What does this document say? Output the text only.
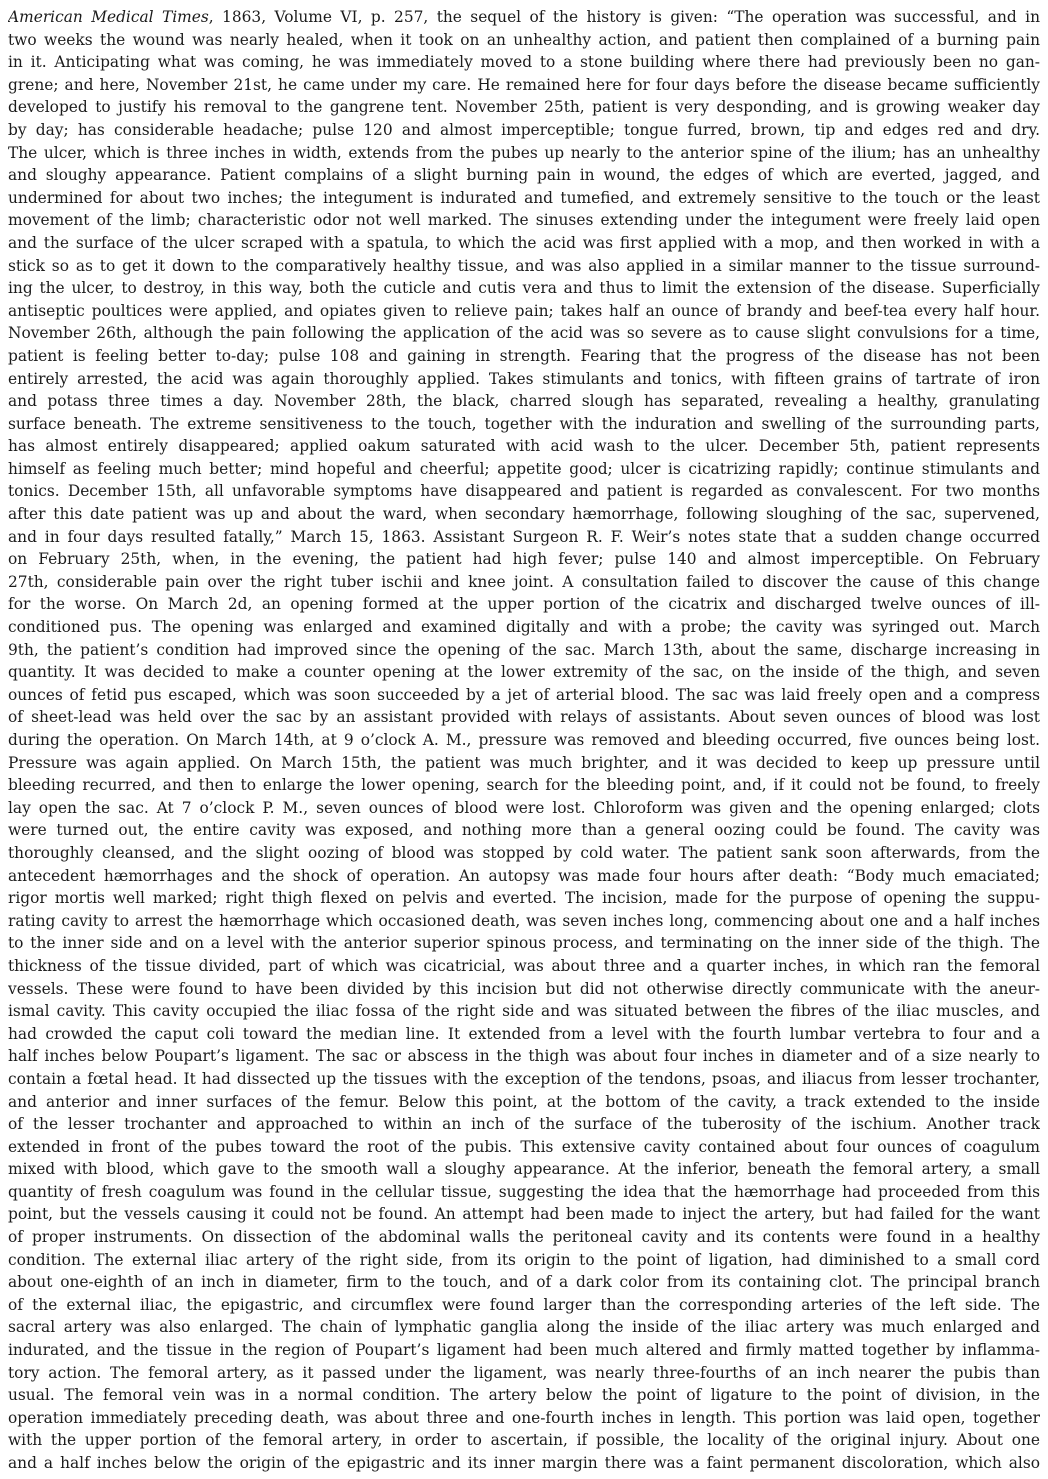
American Medical Times, 1863, Volume VI, p. 257, the sequel of the history is given: “The operation was successful, and in
two weeks the wound was nearly healed, when it took on an unhealthy action, and patient then complained of a burning pain
in it. Anticipating what was coming, he was immediately moved to a stone building where there had previously been no gan-
grene; and here, November 21st, he came under my care. He remained here for four days before the disease became sufficiently
developed to justify his removal to the gangrene tent. November 25th, patient is very desponding, and is growing weaker day
by day; has considerable headache; pulse 120 and almost imperceptible; tongue furred, brown, tip and edges red and dry.
The ulcer, which is three inches in width, extends from the pubes up nearly to the anterior spine of the ilium; has an unhealthy
and sloughy appearance. Patient complains of a slight burning pain in wound, the edges of which are everted, jagged, and
undermined for about two inches; the integument is indurated and tumefied, and extremely sensitive to the touch or the least
movement of the limb; characteristic odor not well marked. The sinuses extending under the integument were freely laid open
and the surface of the ulcer scraped with a spatula, to which the acid was first applied with a mop, and then worked in with a
stick so as to get it down to the comparatively healthy tissue, and was also applied in a similar manner to the tissue surround-
ing the ulcer, to destroy, in this way, both the cuticle and cutis vera and thus to limit the extension of the disease. Superficially
antiseptic poultices were applied, and opiates given to relieve pain; takes half an ounce of brandy and beef-tea every half hour.
November 26th, although the pain following the application of the acid was so severe as to cause slight convulsions for a time,
patient is feeling better to-day; pulse 108 and gaining in strength. Fearing that the progress of the disease has not been
entirely arrested, the acid was again thoroughly applied. Takes stimulants and tonics, with fifteen grains of tartrate of iron
and potass three times a day. November 28th, the black, charred slough has separated, revealing a healthy, granulating
surface beneath. The extreme sensitiveness to the touch, together with the induration and swelling of the surrounding parts,
has almost entirely disappeared; applied oakum saturated with acid wash to the ulcer. December 5th, patient represents
himself as feeling much better; mind hopeful and cheerful; appetite good; ulcer is cicatrizing rapidly; continue stimulants and
tonics. December 15th, all unfavorable symptoms have disappeared and patient is regarded as convalescent. For two months
after this date patient was up and about the ward, when secondary hæmorrhage, following sloughing of the sac, supervened,
and in four days resulted fatally,” March 15, 1863. Assistant Surgeon R. F. Weir’s notes state that a sudden change occurred
on February 25th, when, in the evening, the patient had high fever; pulse 140 and almost imperceptible. On February
27th, considerable pain over the right tuber ischii and knee joint. A consultation failed to discover the cause of this change
for the worse. On March 2d, an opening formed at the upper portion of the cicatrix and discharged twelve ounces of ill-
conditioned pus. The opening was enlarged and examined digitally and with a probe; the cavity was syringed out. March
9th, the patient’s condition had improved since the opening of the sac. March 13th, about the same, discharge increasing in
quantity. It was decided to make a counter opening at the lower extremity of the sac, on the inside of the thigh, and seven
ounces of fetid pus escaped, which was soon succeeded by a jet of arterial blood. The sac was laid freely open and a compress
of sheet-lead was held over the sac by an assistant provided with relays of assistants. About seven ounces of blood was lost
during the operation. On March 14th, at 9 o’clock A. M., pressure was removed and bleeding occurred, five ounces being lost.
Pressure was again applied. On March 15th, the patient was much brighter, and it was decided to keep up pressure until
bleeding recurred, and then to enlarge the lower opening, search for the bleeding point, and, if it could not be found, to freely
lay open the sac. At 7 o’clock P. M., seven ounces of blood were lost. Chloroform was given and the opening enlarged; clots
were turned out, the entire cavity was exposed, and nothing more than a general oozing could be found. The cavity was
thoroughly cleansed, and the slight oozing of blood was stopped by cold water. The patient sank soon afterwards, from the
antecedent hæmorrhages and the shock of operation. An autopsy was made four hours after death: “Body much emaciated;
rigor mortis well marked; right thigh flexed on pelvis and everted. The incision, made for the purpose of opening the suppu-
rating cavity to arrest the hæmorrhage which occasioned death, was seven inches long, commencing about one and a half inches
to the inner side and on a level with the anterior superior spinous process, and terminating on the inner side of the thigh. The
thickness of the tissue divided, part of which was cicatricial, was about three and a quarter inches, in which ran the femoral
vessels. These were found to have been divided by this incision but did not otherwise directly communicate with the aneur-
ismal cavity. This cavity occupied the iliac fossa of the right side and was situated between the fibres of the iliac muscles, and
had crowded the caput coli toward the median line. It extended from a level with the fourth lumbar vertebra to four and a
half inches below Poupart’s ligament. The sac or abscess in the thigh was about four inches in diameter and of a size nearly to
contain a fœtal head. It had dissected up the tissues with the exception of the tendons, psoas, and iliacus from lesser trochanter,
and anterior and inner surfaces of the femur. Below this point, at the bottom of the cavity, a track extended to the inside
of the lesser trochanter and approached to within an inch of the surface of the tuberosity of the ischium. Another track
extended in front of the pubes toward the root of the pubis. This extensive cavity contained about four ounces of coagulum
mixed with blood, which gave to the smooth wall a sloughy appearance. At the inferior, beneath the femoral artery, a small
quantity of fresh coagulum was found in the cellular tissue, suggesting the idea that the hæmorrhage had proceeded from this
point, but the vessels causing it could not be found. An attempt had been made to inject the artery, but had failed for the want
of proper instruments. On dissection of the abdominal walls the peritoneal cavity and its contents were found in a healthy
condition. The external iliac artery of the right side, from its origin to the point of ligation, had diminished to a small cord
about one-eighth of an inch in diameter, firm to the touch, and of a dark color from its containing clot. The principal branch
of the external iliac, the epigastric, and circumflex were found larger than the corresponding arteries of the left side. The
sacral artery was also enlarged. The chain of lymphatic ganglia along the inside of the iliac artery was much enlarged and
indurated, and the tissue in the region of Poupart’s ligament had been much altered and firmly matted together by inflamma-
tory action. The femoral artery, as it passed under the ligament, was nearly three-fourths of an inch nearer the pubis than
usual. The femoral vein was in a normal condition. The artery below the point of ligature to the point of division, in the
operation immediately preceding death, was about three and one-fourth inches in length. This portion was laid open, together
with the upper portion of the femoral artery, in order to ascertain, if possible, the locality of the original injury. About one
and a half inches below the origin of the epigastric and its inner margin there was a faint permanent discoloration, which also
